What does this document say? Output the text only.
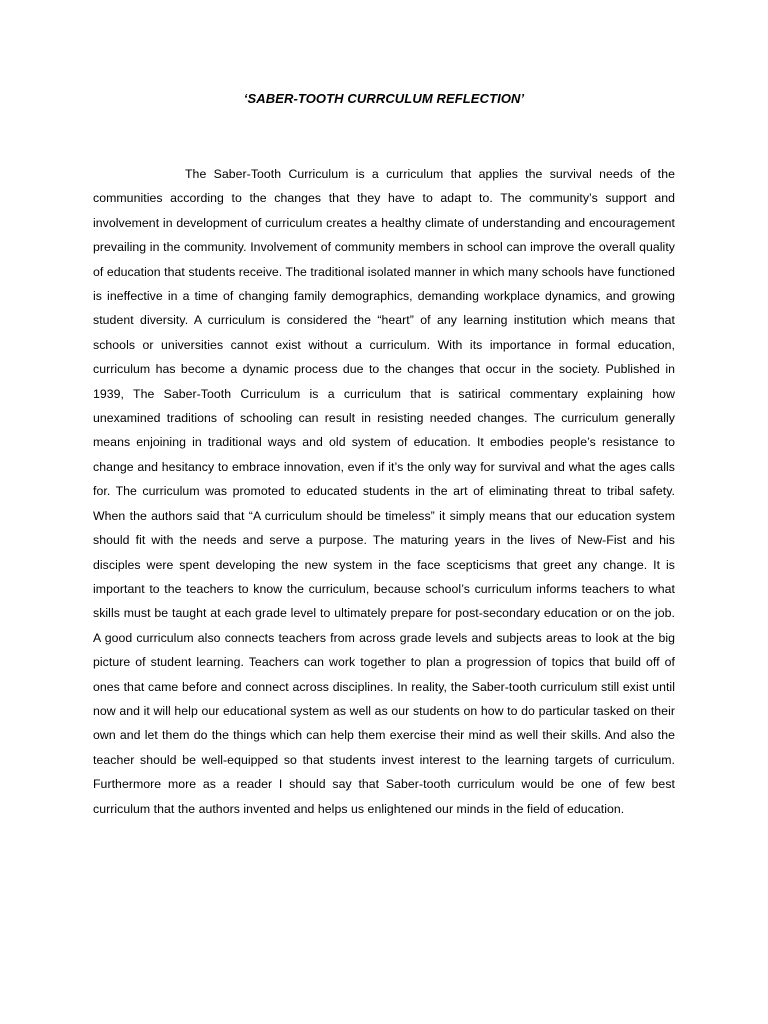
‘SABER-TOOTH CURRCULUM REFLECTION’

The Saber-Tooth Curriculum is a curriculum that applies the survival needs of the communities according to the changes that they have to adapt to. The community’s support and involvement in development of curriculum creates a healthy climate of understanding and encouragement prevailing in the community. Involvement of community members in school can improve the overall quality of education that students receive. The traditional isolated manner in which many schools have functioned is ineffective in a time of changing family demographics, demanding workplace dynamics, and growing student diversity. A curriculum is considered the “heart” of any learning institution which means that schools or universities cannot exist without a curriculum. With its importance in formal education, curriculum has become a dynamic process due to the changes that occur in the society. Published in 1939, The Saber-Tooth Curriculum is a curriculum that is satirical commentary explaining how unexamined traditions of schooling can result in resisting needed changes. The curriculum generally means enjoining in traditional ways and old system of education. It embodies people’s resistance to change and hesitancy to embrace innovation, even if it’s the only way for survival and what the ages calls for. The curriculum was promoted to educated students in the art of eliminating threat to tribal safety. When the authors said that “A curriculum should be timeless” it simply means that our education system should fit with the needs and serve a purpose. The maturing years in the lives of New-Fist and his disciples were spent developing the new system in the face scepticisms that greet any change. It is important to the teachers to know the curriculum, because school’s curriculum informs teachers to what skills must be taught at each grade level to ultimately prepare for post-secondary education or on the job. A good curriculum also connects teachers from across grade levels and subjects areas to look at the big picture of student learning. Teachers can work together to plan a progression of topics that build off of ones that came before and connect across disciplines. In reality, the Saber-tooth curriculum still exist until now and it will help our educational system as well as our students on how to do particular tasked on their own and let them do the things which can help them exercise their mind as well their skills. And also the teacher should be well-equipped so that students invest interest to the learning targets of curriculum. Furthermore more as a reader I should say that Saber-tooth curriculum would be one of few best curriculum that the authors invented and helps us enlightened our minds in the field of education.
